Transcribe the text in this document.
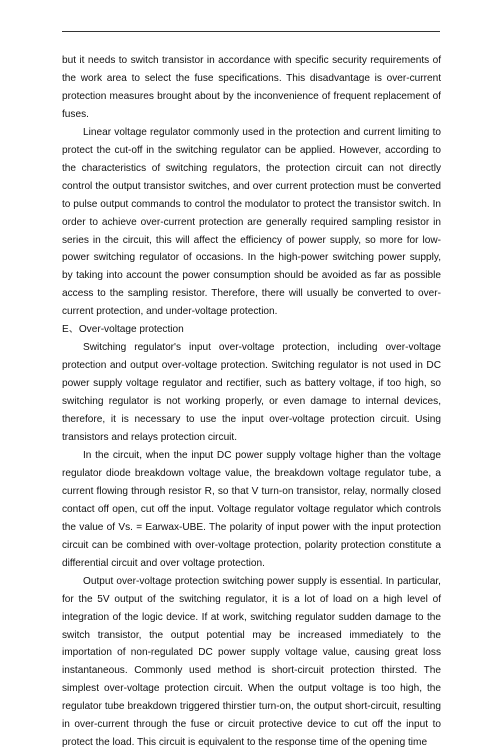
but it needs to switch transistor in accordance with specific security requirements of the work area to select the fuse specifications. This disadvantage is over-current protection measures brought about by the inconvenience of frequent replacement of fuses.

Linear voltage regulator commonly used in the protection and current limiting to protect the cut-off in the switching regulator can be applied. However, according to the characteristics of switching regulators, the protection circuit can not directly control the output transistor switches, and over current protection must be converted to pulse output commands to control the modulator to protect the transistor switch. In order to achieve over-current protection are generally required sampling resistor in series in the circuit, this will affect the efficiency of power supply, so more for low-power switching regulator of occasions. In the high-power switching power supply, by taking into account the power consumption should be avoided as far as possible access to the sampling resistor. Therefore, there will usually be converted to over-current protection, and under-voltage protection.

E、Over-voltage protection

Switching regulator's input over-voltage protection, including over-voltage protection and output over-voltage protection. Switching regulator is not used in DC power supply voltage regulator and rectifier, such as battery voltage, if too high, so switching regulator is not working properly, or even damage to internal devices, therefore, it is necessary to use the input over-voltage protection circuit. Using transistors and relays protection circuit.

In the circuit, when the input DC power supply voltage higher than the voltage regulator diode breakdown voltage value, the breakdown voltage regulator tube, a current flowing through resistor R, so that V turn-on transistor, relay, normally closed contact off open, cut off the input. Voltage regulator voltage regulator which controls the value of Vs. = Earwax-UBE. The polarity of input power with the input protection circuit can be combined with over-voltage protection, polarity protection constitute a differential circuit and over voltage protection.

Output over-voltage protection switching power supply is essential. In particular, for the 5V output of the switching regulator, it is a lot of load on a high level of integration of the logic device. If at work, switching regulator sudden damage to the switch transistor, the output potential may be increased immediately to the importation of non-regulated DC power supply voltage value, causing great loss instantaneous. Commonly used method is short-circuit protection thirsted. The simplest over-voltage protection circuit. When the output voltage is too high, the regulator tube breakdown triggered thirstier turn-on, the output short-circuit, resulting in over-current through the fuse or circuit protective device to cut off the input to protect the load. This circuit is equivalent to the response time of the opening time
